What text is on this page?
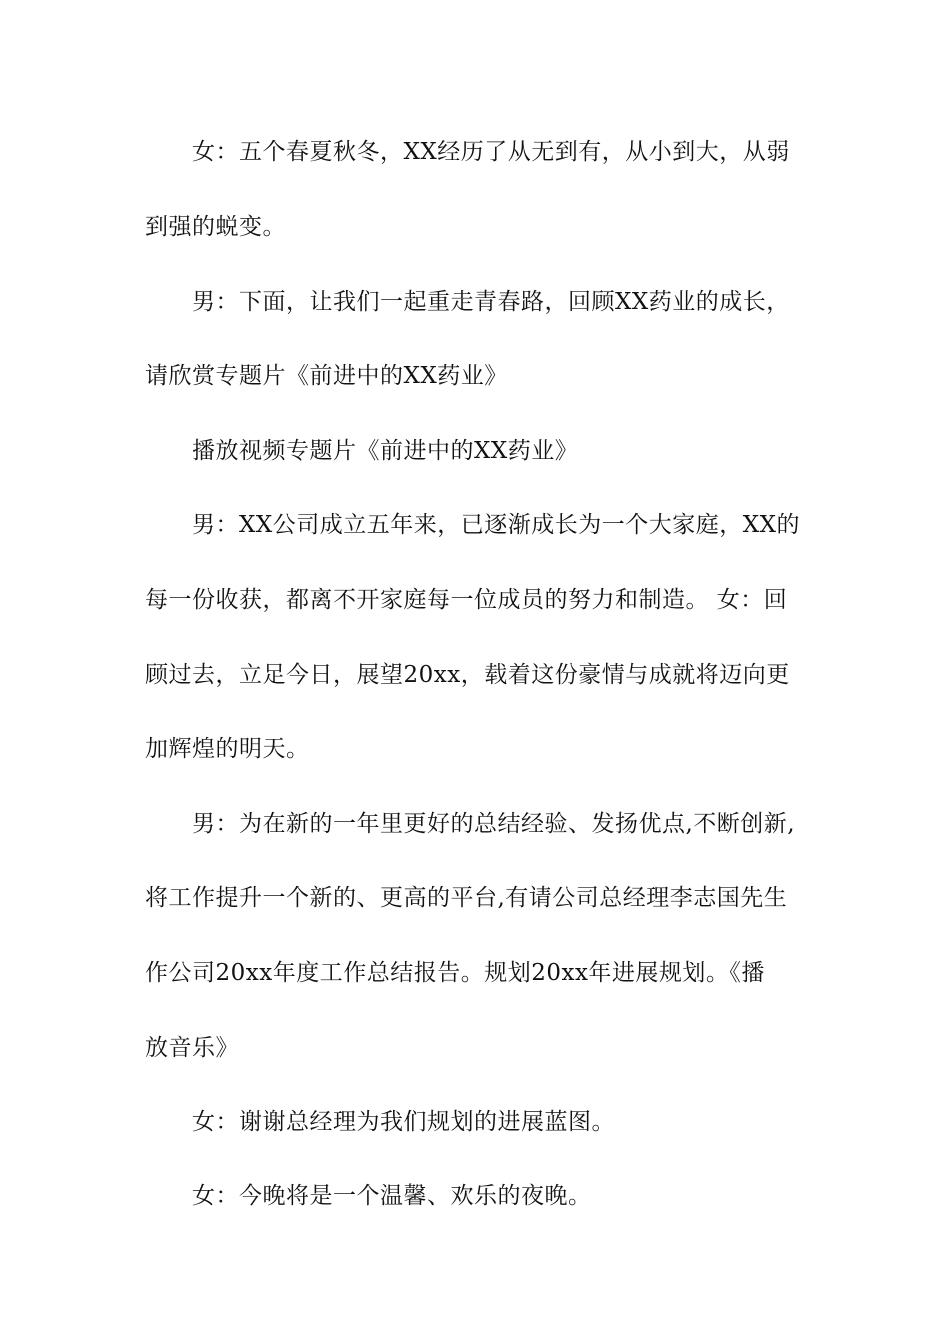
女：五个春夏秋冬，XX经历了从无到有，从小到大，从弱
到强的蜕变。
男：下面，让我们一起重走青春路，回顾XX药业的成长，
请欣赏专题片《前进中的XX药业》
播放视频专题片《前进中的XX药业》
男：XX公司成立五年来，已逐渐成长为一个大家庭，XX的
每一份收获，都离不开家庭每一位成员的努力和制造。 女：回
顾过去，立足今日，展望20xx，载着这份豪情与成就将迈向更
加辉煌的明天。
男：为在新的一年里更好的总结经验、发扬优点,不断创新,
将工作提升一个新的、更高的平台,有请公司总经理李志国先生
作公司20xx年度工作总结报告。规划20xx年进展规划。《播
放音乐》
女：谢谢总经理为我们规划的进展蓝图。
女：今晚将是一个温馨、欢乐的夜晚。
